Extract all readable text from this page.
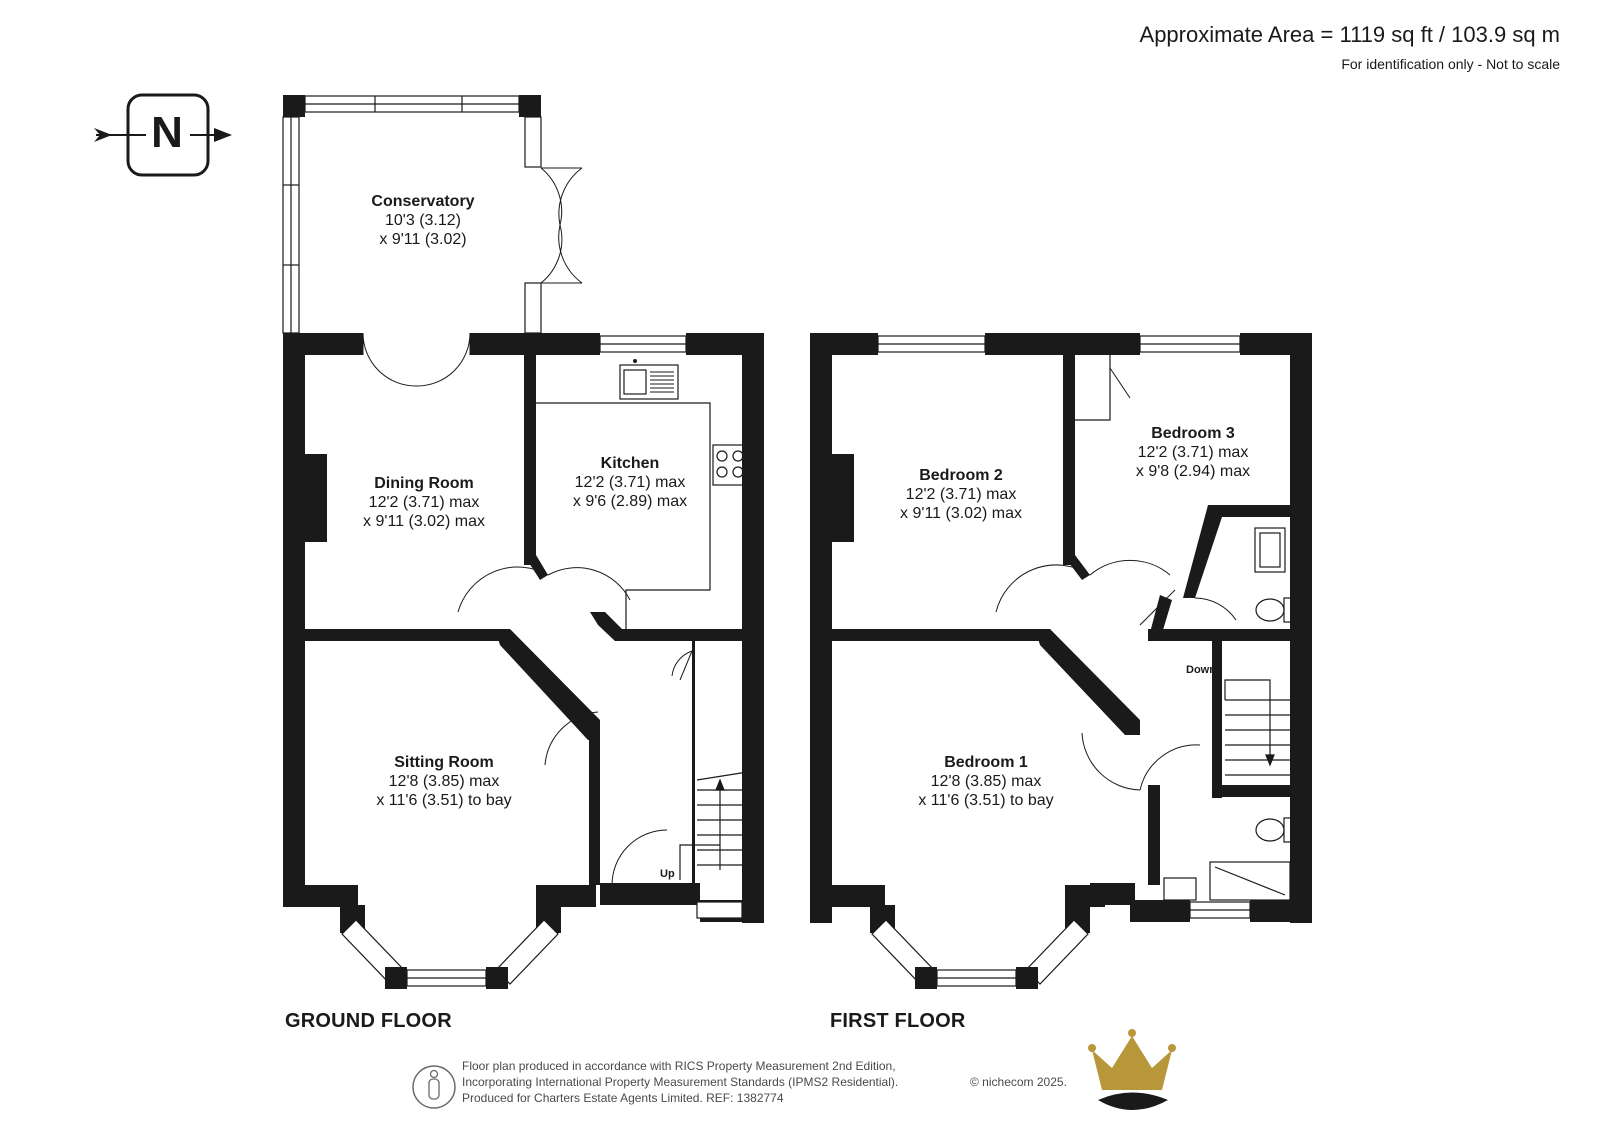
Approximate Area = 1119 sq ft / 103.9 sq m
For identification only - Not to scale
N
Conservatory
10'3 (3.12)
x 9'11 (3.02)
Dining Room
12'2 (3.71) max
x 9'11 (3.02) max
Kitchen
12'2 (3.71) max
x 9'6 (2.89) max
Sitting Room
12'8 (3.85) max
x 11'6 (3.51) to bay
Up
GROUND FLOOR
Bedroom 2
12'2 (3.71) max
x 9'11 (3.02) max
Bedroom 3
12'2 (3.71) max
x 9'8 (2.94) max
Bedroom 1
12'8 (3.85) max
x 11'6 (3.51) to bay
Down
FIRST FLOOR
Floor plan produced in accordance with RICS Property Measurement 2nd Edition,
Incorporating International Property Measurement Standards (IPMS2 Residential).
Produced for Charters Estate Agents Limited. REF: 1382774
© nichecom 2025.
